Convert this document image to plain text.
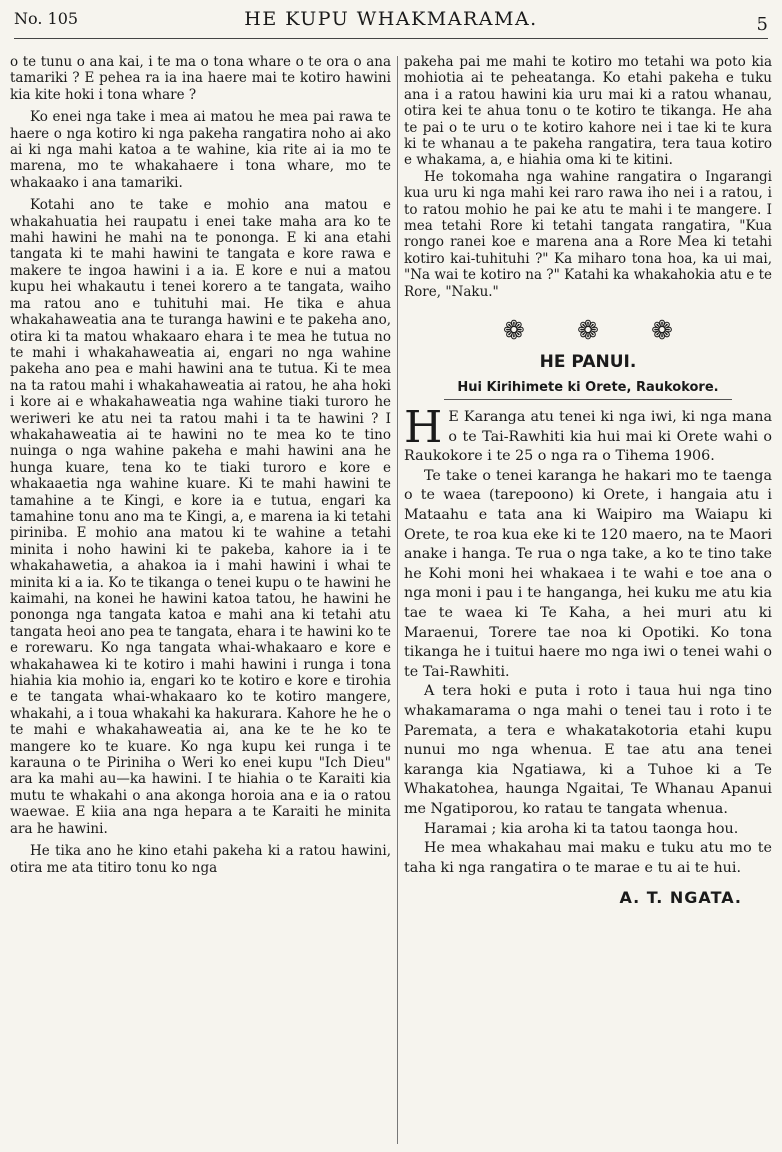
No. 105	HE KUPU WHAKMARAMA.	5

o te tunu o ana kai, i te ma o tona whare o te ora o ana tamariki ? E pehea ra ia ina haere mai te kotiro hawini kia kite hoki i tona whare ?

Ko enei nga take i mea ai matou he mea pai rawa te haere o nga kotiro ki nga pakeha rangatira noho ai ako ai ki nga mahi katoa a te wahine, kia rite ai ia mo te marena, mo te whakahaere i tona whare, mo te whakaako i ana tamariki.

Kotahi ano te take e mohio ana matou e whakahuatia hei raupatu i enei take maha ara ko te mahi hawini he mahi na te pononga. E ki ana etahi tangata ki te mahi hawini te tangata e kore rawa e makere te ingoa hawini i a ia. E kore e nui a matou kupu hei whakautu i tenei korero a te tangata, waiho ma ratou ano e tuhituhi mai. He tika e ahua whakahaweatia ana te turanga hawini e te pakeha ano, otira ki ta matou whakaaro ehara i te mea he tutua no te mahi i whakahaweatia ai, engari no nga wahine pakeha ano pea e mahi hawini ana te tutua. Ki te mea na ta ratou mahi i whakahaweatia ai ratou, he aha hoki i kore ai e whakahaweatia nga wahine tiaki turoro he weriweri ke atu nei ta ratou mahi i ta te hawini ? I whakahaweatia ai te hawini no te mea ko te tino nuinga o nga wahine pakeha e mahi hawini ana he hunga kuare, tena ko te tiaki turoro e kore e whakaaetia nga wahine kuare. Ki te mahi hawini te tamahine a te Kingi, e kore ia e tutua, engari ka tamahine tonu ano ma te Kingi, a, e marena ia ki tetahi piriniba. E mohio ana matou ki te wahine a tetahi minita i noho hawini ki te pakeba, kahore ia i te whakahawetia, a ahakoa ia i mahi hawini i whai te minita ki a ia. Ko te tikanga o tenei kupu o te hawini he kaimahi, na konei he hawini katoa tatou, he hawini he pononga nga tangata katoa e mahi ana ki tetahi atu tangata heoi ano pea te tangata, ehara i te hawini ko te e rorewaru. Ko nga tangata whai-whakaaro e kore e whakahawea ki te kotiro i mahi hawini i runga i tona hiahia kia mohio ia, engari ko te kotiro e kore e tirohia e te tangata whai-whakaaro ko te kotiro mangere, whakahi, a i toua whakahi ka hakurara. Kahore he he o te mahi e whakahaweatia ai, ana ke te he ko te mangere ko te kuare. Ko nga kupu kei runga i te karauna o te Piriniha o Weri ko enei kupu "Ich Dieu" ara ka mahi au—ka hawini. I te hiahia o te Karaiti kia mutu te whakahi o ana akonga horoia ana e ia o ratou waewae. E kiia ana nga hepara a te Karaiti he minita ara he hawini.

He tika ano he kino etahi pakeha ki a ratou hawini, otira me ata titiro tonu ko nga

pakeha pai me mahi te kotiro mo tetahi wa poto kia mohiotia ai te peheatanga. Ko etahi pakeha e tuku ana i a ratou hawini kia uru mai ki a ratou whanau, otira kei te ahua tonu o te kotiro te tikanga. He aha te pai o te uru o te kotiro kahore nei i tae ki te kura ki te whanau a te pakeha rangatira, tera taua kotiro e whakama, a, e hiahia oma ki te kitini.

He tokomaha nga wahine rangatira o Ingarangi kua uru ki nga mahi kei raro rawa iho nei i a ratou, i to ratou mohio he pai ke atu te mahi i te mangere. I mea tetahi Rore ki tetahi tangata rangatira, "Kua rongo ranei koe e marena ana a Rore Mea ki tetahi kotiro kai-tuhituhi ?" Ka miharo tona hoa, ka ui mai, "Na wai te kotiro na ?" Katahi ka whakahokia atu e te Rore, "Naku."

❁ ❁ ❁
HE PANUI.
Hui Kirihimete ki Orete, Raukokore.

H E Karanga atu tenei ki nga iwi, ki nga mana o te Tai-Rawhiti kia hui mai ki Orete wahi o Raukokore i te 25 o nga ra o Tihema 1906.

Te take o tenei karanga he hakari mo te taenga o te waea (tarepoono) ki Orete, i hangaia atu i Mataahu e tata ana ki Waipiro ma Waiapu ki Orete, te roa kua eke ki te 120 maero, na te Maori anake i hanga. Te rua o nga take, a ko te tino take he Kohi moni hei whakaea i te wahi e toe ana o nga moni i pau i te hanganga, hei kuku me atu kia tae te waea ki Te Kaha, a hei muri atu ki Maraenui, Torere tae noa ki Opotiki. Ko tona tikanga he i tuitui haere mo nga iwi o tenei wahi o te Tai-Rawhiti.

A tera hoki e puta i roto i taua hui nga tino whakamarama o nga mahi o tenei tau i roto i te Paremata, a tera e whakatakotoria etahi kupu nunui mo nga whenua. E tae atu ana tenei karanga kia Ngatiawa, ki a Tuhoe ki a Te Whakatohea, haunga Ngaitai, Te Whanau Apanui me Ngatiporou, ko ratau te tangata whenua.

Haramai ; kia aroha ki ta tatou taonga hou.

He mea whakahau mai maku e tuku atu mo te taha ki nga rangatira o te marae e tu ai te hui.

A. T. NGATA.
